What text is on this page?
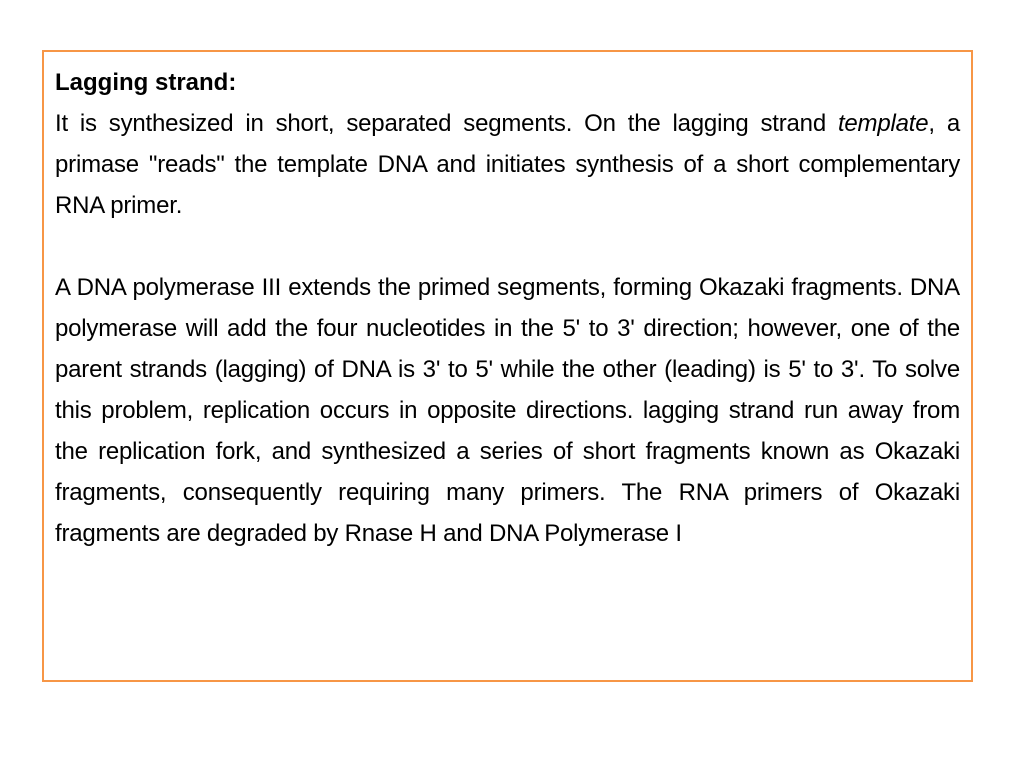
Lagging strand:

It is synthesized in short, separated segments. On the lagging strand template, a primase "reads" the template DNA and initiates synthesis of a short complementary RNA primer.

A DNA polymerase III extends the primed segments, forming Okazaki fragments. DNA polymerase will add the four nucleotides in the 5' to 3' direction; however, one of the parent strands (lagging) of DNA is 3' to 5' while the other (leading) is 5' to 3'. To solve this problem, replication occurs in opposite directions. lagging strand run away from the replication fork, and synthesized a series of short fragments known as Okazaki fragments, consequently requiring many primers. The RNA primers of Okazaki fragments are degraded by Rnase H and DNA Polymerase I
